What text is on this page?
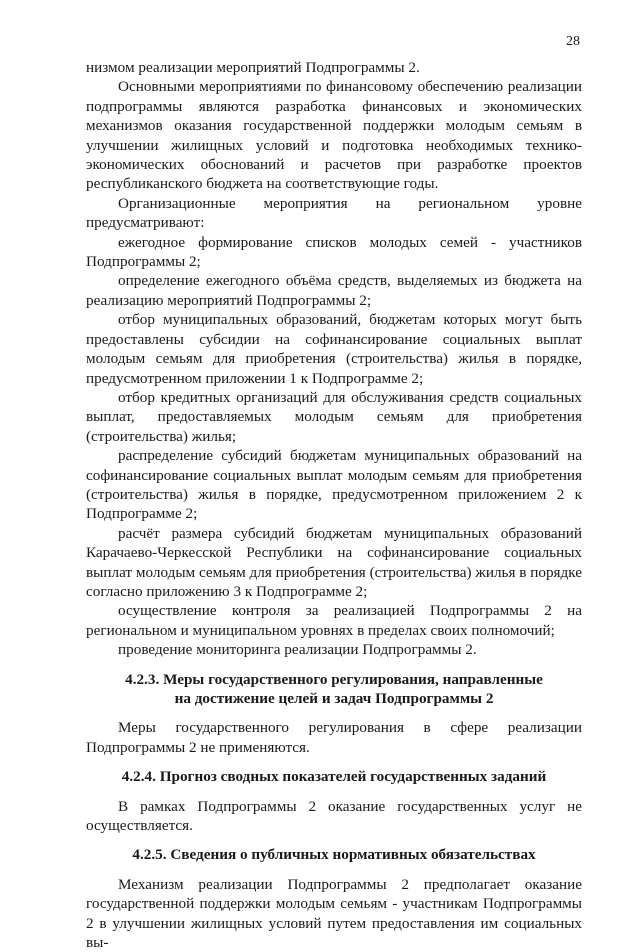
28

низмом реализации мероприятий Подпрограммы 2.

Основными мероприятиями по финансовому обеспечению реализации подпрограммы являются разработка финансовых и экономических механизмов оказания государственной поддержки молодым семьям в улучшении жилищных условий и подготовка необходимых технико-экономических обоснований и расчетов при разработке проектов республиканского бюджета на соответствующие годы.

Организационные мероприятия на региональном уровне предусматривают:

ежегодное формирование списков молодых семей - участников Подпрограммы 2;

определение ежегодного объёма средств, выделяемых из бюджета на реализацию мероприятий Подпрограммы 2;

отбор муниципальных образований, бюджетам которых могут быть предоставлены субсидии на софинансирование социальных выплат молодым семьям для приобретения (строительства) жилья в порядке, предусмотренном приложении 1 к Подпрограмме 2;

отбор кредитных организаций для обслуживания средств социальных выплат, предоставляемых молодым семьям для приобретения (строительства) жилья;

распределение субсидий бюджетам муниципальных образований на софинансирование социальных выплат молодым семьям для приобретения (строительства) жилья в порядке, предусмотренном приложением 2 к Подпрограмме 2;

расчёт размера субсидий бюджетам муниципальных образований Карачаево-Черкесской Республики на софинансирование социальных выплат молодым семьям для приобретения (строительства) жилья в порядке согласно приложению 3 к Подпрограмме 2;

осуществление контроля за реализацией Подпрограммы 2 на региональном и муниципальном уровнях в пределах своих полномочий;

проведение мониторинга реализации Подпрограммы 2.

4.2.3. Меры государственного регулирования, направленные
на достижение целей и задач Подпрограммы 2

Меры государственного регулирования в сфере реализации Подпрограммы 2 не применяются.

4.2.4. Прогноз сводных показателей государственных заданий

В рамках Подпрограммы 2 оказание государственных услуг не осуществляется.

4.2.5. Сведения о публичных нормативных обязательствах

Механизм реализации Подпрограммы 2 предполагает оказание государственной поддержки молодым семьям - участникам Подпрограммы 2 в улучшении жилищных условий путем предоставления им социальных вы-
